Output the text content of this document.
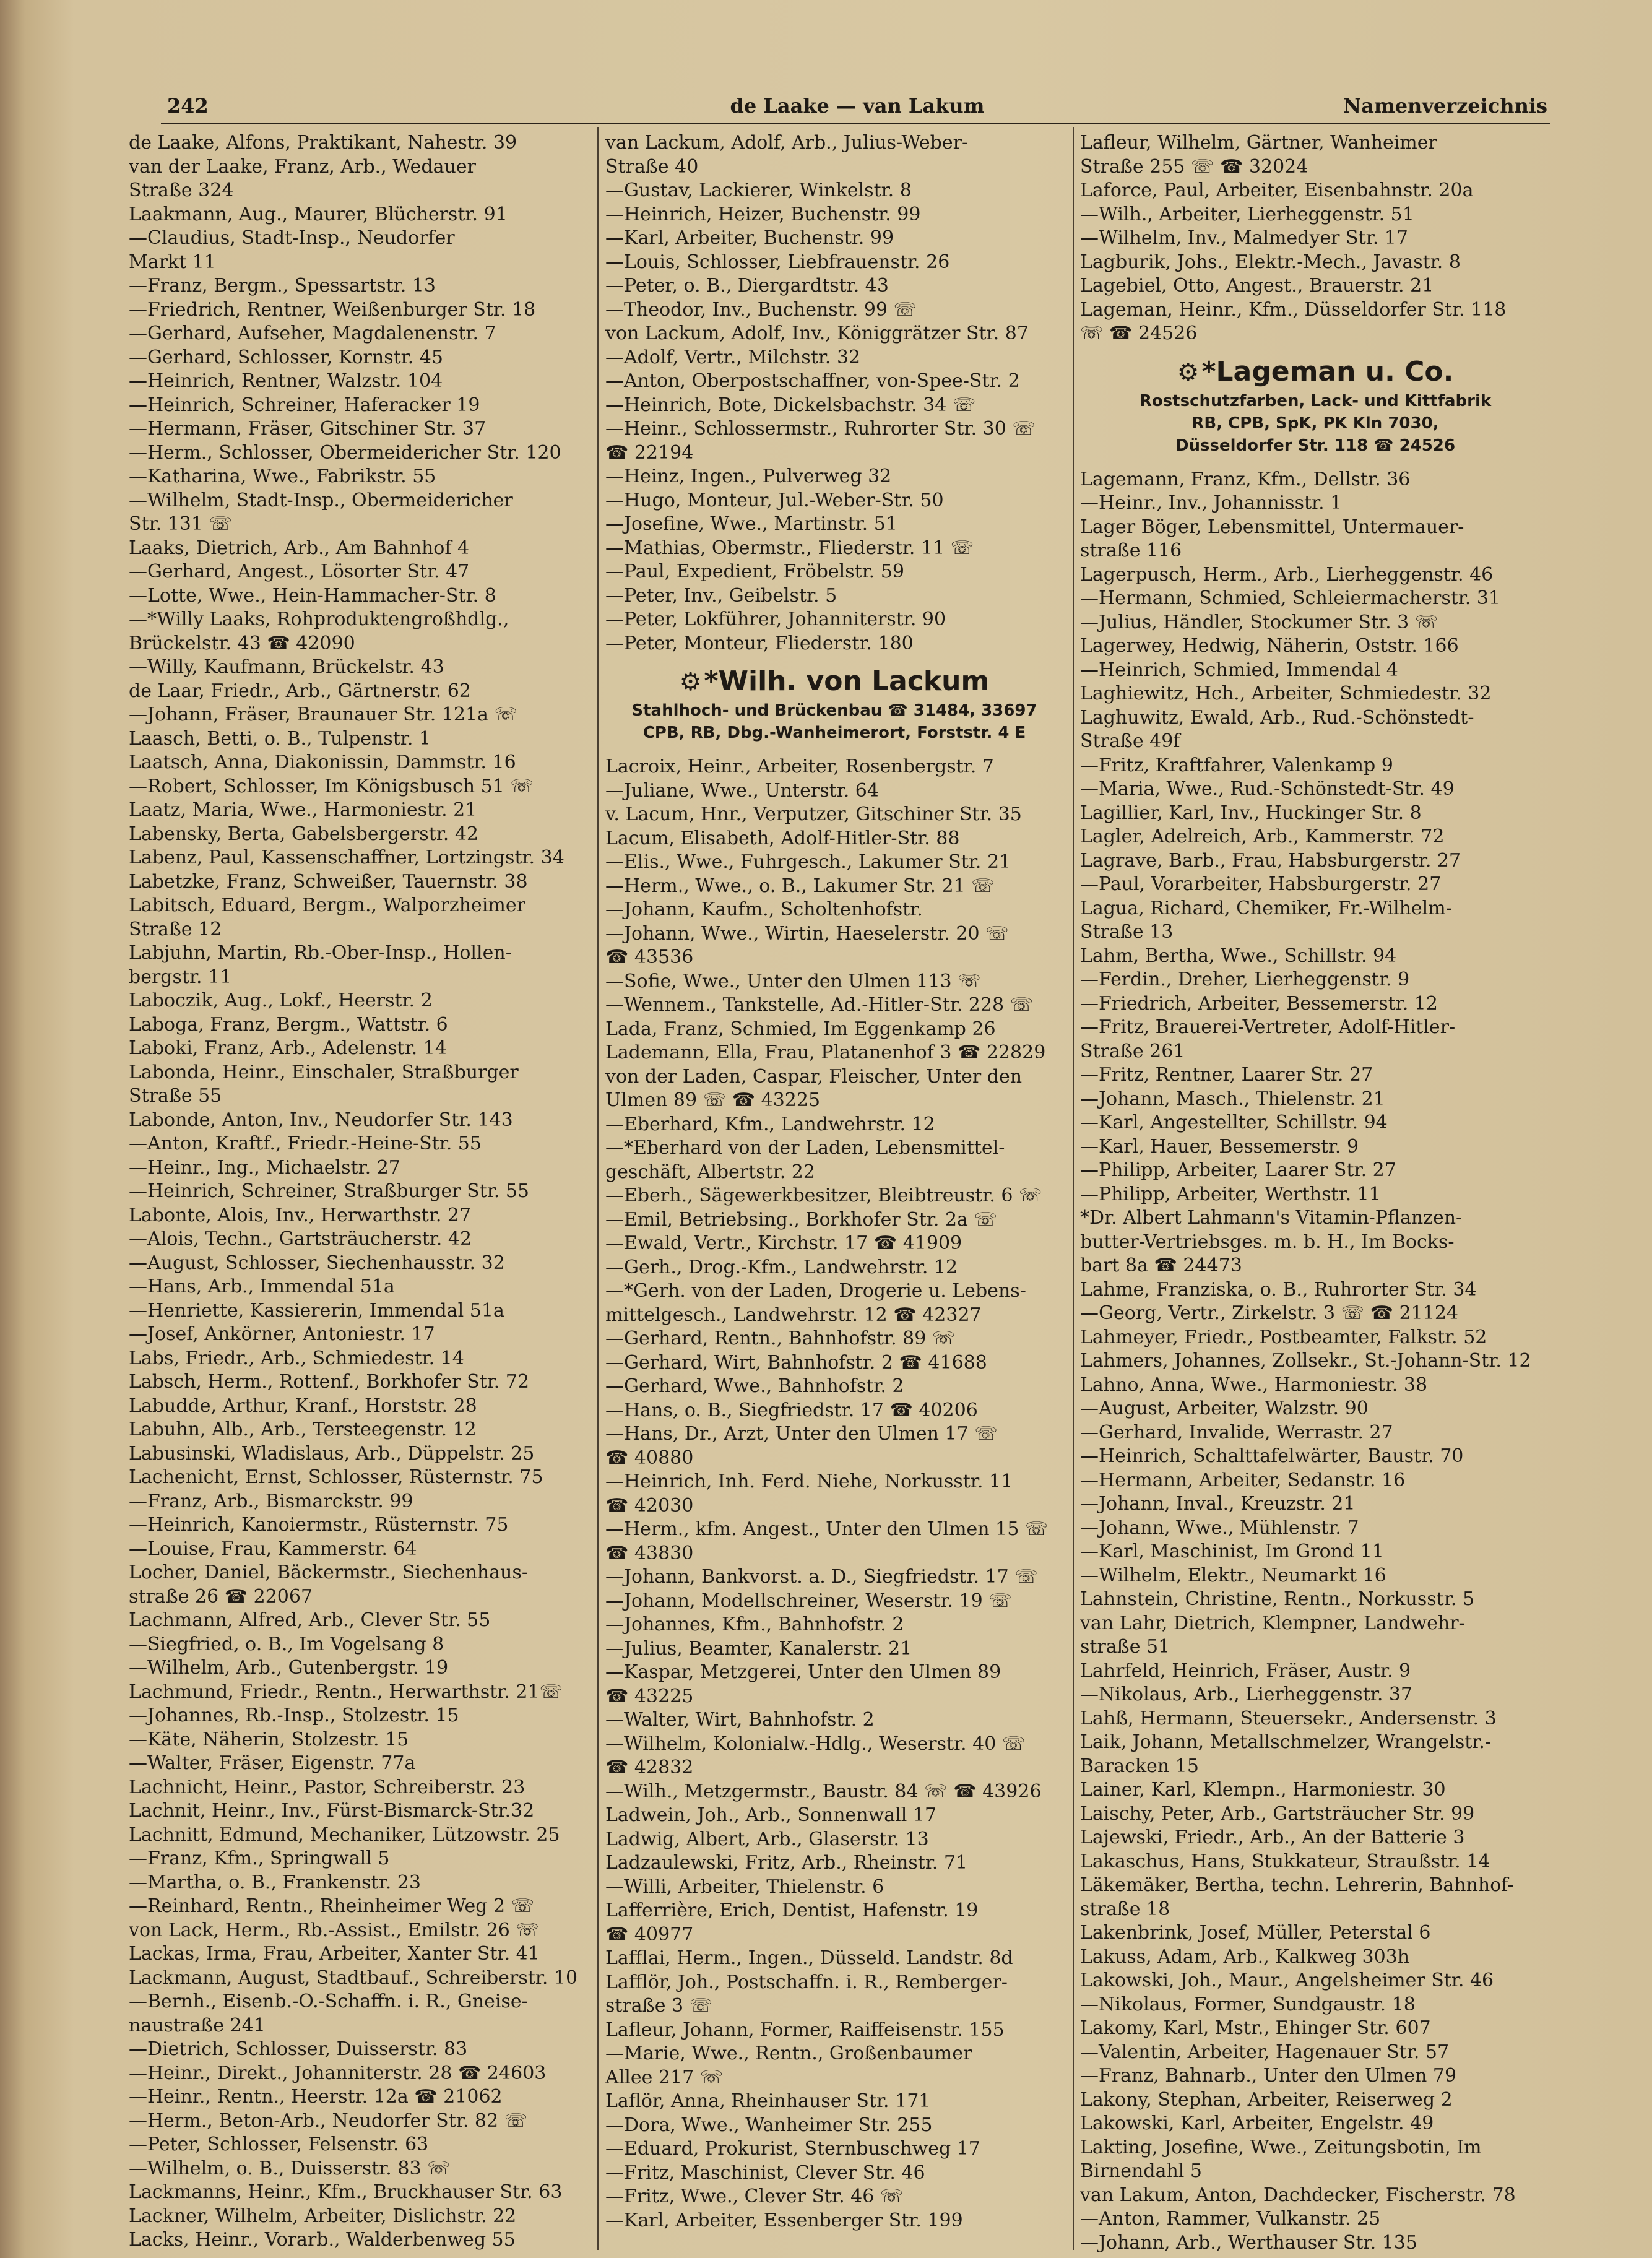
242	de Laake — van Lakum	Namenverzeichnis
de Laake, Alfons, Praktikant, Nahestr. 39
van der Laake, Franz, Arb., Wedauer
Straße 324
Laakmann, Aug., Maurer, Blücherstr. 91
—Claudius, Stadt-Insp., Neudorfer
Markt 11
—Franz, Bergm., Spessartstr. 13
—Friedrich, Rentner, Weißenburger Str. 18
—Gerhard, Aufseher, Magdalenenstr. 7
—Gerhard, Schlosser, Kornstr. 45
—Heinrich, Rentner, Walzstr. 104
—Heinrich, Schreiner, Haferacker 19
—Hermann, Fräser, Gitschiner Str. 37
—Herm., Schlosser, Obermeidericher Str. 120
—Katharina, Wwe., Fabrikstr. 55
—Wilhelm, Stadt-Insp., Obermeidericher
Str. 131 ☏
Laaks, Dietrich, Arb., Am Bahnhof 4
—Gerhard, Angest., Lösorter Str. 47
—Lotte, Wwe., Hein-Hammacher-Str. 8
—*Willy Laaks, Rohproduktengroßhdlg.,
Brückelstr. 43 ☎ 42090
—Willy, Kaufmann, Brückelstr. 43
de Laar, Friedr., Arb., Gärtnerstr. 62
—Johann, Fräser, Braunauer Str. 121a ☏
Laasch, Betti, o. B., Tulpenstr. 1
Laatsch, Anna, Diakonissin, Dammstr. 16
—Robert, Schlosser, Im Königsbusch 51 ☏
Laatz, Maria, Wwe., Harmoniestr. 21
Labensky, Berta, Gabelsbergerstr. 42
Labenz, Paul, Kassenschaffner, Lortzingstr. 34
Labetzke, Franz, Schweißer, Tauernstr. 38
Labitsch, Eduard, Bergm., Walporzheimer
Straße 12
Labjuhn, Martin, Rb.-Ober-Insp., Hollen-
bergstr. 11
Laboczik, Aug., Lokf., Heerstr. 2
Laboga, Franz, Bergm., Wattstr. 6
Laboki, Franz, Arb., Adelenstr. 14
Labonda, Heinr., Einschaler, Straßburger
Straße 55
Labonde, Anton, Inv., Neudorfer Str. 143
—Anton, Kraftf., Friedr.-Heine-Str. 55
—Heinr., Ing., Michaelstr. 27
—Heinrich, Schreiner, Straßburger Str. 55
Labonte, Alois, Inv., Herwarthstr. 27
—Alois, Techn., Gartsträucherstr. 42
—August, Schlosser, Siechenhausstr. 32
—Hans, Arb., Immendal 51a
—Henriette, Kassiererin, Immendal 51a
—Josef, Ankörner, Antoniestr. 17
Labs, Friedr., Arb., Schmiedestr. 14
Labsch, Herm., Rottenf., Borkhofer Str. 72
Labudde, Arthur, Kranf., Horststr. 28
Labuhn, Alb., Arb., Tersteegenstr. 12
Labusinski, Wladislaus, Arb., Düppelstr. 25
Lachenicht, Ernst, Schlosser, Rüsternstr. 75
—Franz, Arb., Bismarckstr. 99
—Heinrich, Kanoiermstr., Rüsternstr. 75
—Louise, Frau, Kammerstr. 64
Locher, Daniel, Bäckermstr., Siechenhaus-
straße 26 ☎ 22067
Lachmann, Alfred, Arb., Clever Str. 55
—Siegfried, o. B., Im Vogelsang 8
—Wilhelm, Arb., Gutenbergstr. 19
Lachmund, Friedr., Rentn., Herwarthstr. 21☏
—Johannes, Rb.-Insp., Stolzestr. 15
—Käte, Näherin, Stolzestr. 15
—Walter, Fräser, Eigenstr. 77a
Lachnicht, Heinr., Pastor, Schreiberstr. 23
Lachnit, Heinr., Inv., Fürst-Bismarck-Str.32
Lachnitt, Edmund, Mechaniker, Lützowstr. 25
—Franz, Kfm., Springwall 5
—Martha, o. B., Frankenstr. 23
—Reinhard, Rentn., Rheinheimer Weg 2 ☏
von Lack, Herm., Rb.-Assist., Emilstr. 26 ☏
Lackas, Irma, Frau, Arbeiter, Xanter Str. 41
Lackmann, August, Stadtbauf., Schreiberstr. 10
—Bernh., Eisenb.-O.-Schaffn. i. R., Gneise-
naustraße 241
—Dietrich, Schlosser, Duisserstr. 83
—Heinr., Direkt., Johanniterstr. 28 ☎ 24603
—Heinr., Rentn., Heerstr. 12a ☎ 21062
—Herm., Beton-Arb., Neudorfer Str. 82 ☏
—Peter, Schlosser, Felsenstr. 63
—Wilhelm, o. B., Duisserstr. 83 ☏
Lackmanns, Heinr., Kfm., Bruckhauser Str. 63
Lackner, Wilhelm, Arbeiter, Dislichstr. 22
Lacks, Heinr., Vorarb., Walderbenweg 55
van Lackum, Adolf, Arb., Julius-Weber-
Straße 40
—Gustav, Lackierer, Winkelstr. 8
—Heinrich, Heizer, Buchenstr. 99
—Karl, Arbeiter, Buchenstr. 99
—Louis, Schlosser, Liebfrauenstr. 26
—Peter, o. B., Diergardtstr. 43
—Theodor, Inv., Buchenstr. 99 ☏
von Lackum, Adolf, Inv., Königgrätzer Str. 87
—Adolf, Vertr., Milchstr. 32
—Anton, Oberpostschaffner, von-Spee-Str. 2
—Heinrich, Bote, Dickelsbachstr. 34 ☏
—Heinr., Schlossermstr., Ruhrorter Str. 30 ☏
☎ 22194
—Heinz, Ingen., Pulverweg 32
—Hugo, Monteur, Jul.-Weber-Str. 50
—Josefine, Wwe., Martinstr. 51
—Mathias, Obermstr., Fliederstr. 11 ☏
—Paul, Expedient, Fröbelstr. 59
—Peter, Inv., Geibelstr. 5
—Peter, Lokführer, Johanniterstr. 90
—Peter, Monteur, Fliederstr. 180
⚙*Wilh. von Lackum
Stahlhoch- und Brückenbau ☎ 31484, 33697
CPB, RB, Dbg.-Wanheimerort, Forststr. 4 E
Lacroix, Heinr., Arbeiter, Rosenbergstr. 7
—Juliane, Wwe., Unterstr. 64
v. Lacum, Hnr., Verputzer, Gitschiner Str. 35
Lacum, Elisabeth, Adolf-Hitler-Str. 88
—Elis., Wwe., Fuhrgesch., Lakumer Str. 21
—Herm., Wwe., o. B., Lakumer Str. 21 ☏
—Johann, Kaufm., Scholtenhofstr.
—Johann, Wwe., Wirtin, Haeselerstr. 20 ☏
☎ 43536
—Sofie, Wwe., Unter den Ulmen 113 ☏
—Wennem., Tankstelle, Ad.-Hitler-Str. 228 ☏
Lada, Franz, Schmied, Im Eggenkamp 26
Lademann, Ella, Frau, Platanenhof 3 ☎ 22829
von der Laden, Caspar, Fleischer, Unter den
Ulmen 89 ☏ ☎ 43225
—Eberhard, Kfm., Landwehrstr. 12
—*Eberhard von der Laden, Lebensmittel-
geschäft, Albertstr. 22
—Eberh., Sägewerkbesitzer, Bleibtreustr. 6 ☏
—Emil, Betriebsing., Borkhofer Str. 2a ☏
—Ewald, Vertr., Kirchstr. 17 ☎ 41909
—Gerh., Drog.-Kfm., Landwehrstr. 12
—*Gerh. von der Laden, Drogerie u. Lebens-
mittelgesch., Landwehrstr. 12 ☎ 42327
—Gerhard, Rentn., Bahnhofstr. 89 ☏
—Gerhard, Wirt, Bahnhofstr. 2 ☎ 41688
—Gerhard, Wwe., Bahnhofstr. 2
—Hans, o. B., Siegfriedstr. 17 ☎ 40206
—Hans, Dr., Arzt, Unter den Ulmen 17 ☏
☎ 40880
—Heinrich, Inh. Ferd. Niehe, Norkusstr. 11
☎ 42030
—Herm., kfm. Angest., Unter den Ulmen 15 ☏
☎ 43830
—Johann, Bankvorst. a. D., Siegfriedstr. 17 ☏
—Johann, Modellschreiner, Weserstr. 19 ☏
—Johannes, Kfm., Bahnhofstr. 2
—Julius, Beamter, Kanalerstr. 21
—Kaspar, Metzgerei, Unter den Ulmen 89
☎ 43225
—Walter, Wirt, Bahnhofstr. 2
—Wilhelm, Kolonialw.-Hdlg., Weserstr. 40 ☏
☎ 42832
—Wilh., Metzgermstr., Baustr. 84 ☏ ☎ 43926
Ladwein, Joh., Arb., Sonnenwall 17
Ladwig, Albert, Arb., Glaserstr. 13
Ladzaulewski, Fritz, Arb., Rheinstr. 71
—Willi, Arbeiter, Thielenstr. 6
Lafferrière, Erich, Dentist, Hafenstr. 19
☎ 40977
Lafflai, Herm., Ingen., Düsseld. Landstr. 8d
Lafflör, Joh., Postschaffn. i. R., Remberger-
straße 3 ☏
Lafleur, Johann, Former, Raiffeisenstr. 155
—Marie, Wwe., Rentn., Großenbaumer
Allee 217 ☏
Laflör, Anna, Rheinhauser Str. 171
—Dora, Wwe., Wanheimer Str. 255
—Eduard, Prokurist, Sternbuschweg 17
—Fritz, Maschinist, Clever Str. 46
—Fritz, Wwe., Clever Str. 46 ☏
—Karl, Arbeiter, Essenberger Str. 199
Lafleur, Wilhelm, Gärtner, Wanheimer
Straße 255 ☏ ☎ 32024
Laforce, Paul, Arbeiter, Eisenbahnstr. 20a
—Wilh., Arbeiter, Lierheggenstr. 51
—Wilhelm, Inv., Malmedyer Str. 17
Lagburik, Johs., Elektr.-Mech., Javastr. 8
Lagebiel, Otto, Angest., Brauerstr. 21
Lageman, Heinr., Kfm., Düsseldorfer Str. 118
☏ ☎ 24526
⚙*Lageman u. Co.
Rostschutzfarben, Lack- und Kittfabrik
RB, CPB, SpK, PK Kln 7030,
Düsseldorfer Str. 118 ☎ 24526
Lagemann, Franz, Kfm., Dellstr. 36
—Heinr., Inv., Johannisstr. 1
Lager Böger, Lebensmittel, Untermauer-
straße 116
Lagerpusch, Herm., Arb., Lierheggenstr. 46
—Hermann, Schmied, Schleiermacherstr. 31
—Julius, Händler, Stockumer Str. 3 ☏
Lagerwey, Hedwig, Näherin, Oststr. 166
—Heinrich, Schmied, Immendal 4
Laghiewitz, Hch., Arbeiter, Schmiedestr. 32
Laghuwitz, Ewald, Arb., Rud.-Schönstedt-
Straße 49f
—Fritz, Kraftfahrer, Valenkamp 9
—Maria, Wwe., Rud.-Schönstedt-Str. 49
Lagillier, Karl, Inv., Huckinger Str. 8
Lagler, Adelreich, Arb., Kammerstr. 72
Lagrave, Barb., Frau, Habsburgerstr. 27
—Paul, Vorarbeiter, Habsburgerstr. 27
Lagua, Richard, Chemiker, Fr.-Wilhelm-
Straße 13
Lahm, Bertha, Wwe., Schillstr. 94
—Ferdin., Dreher, Lierheggenstr. 9
—Friedrich, Arbeiter, Bessemerstr. 12
—Fritz, Brauerei-Vertreter, Adolf-Hitler-
Straße 261
—Fritz, Rentner, Laarer Str. 27
—Johann, Masch., Thielenstr. 21
—Karl, Angestellter, Schillstr. 94
—Karl, Hauer, Bessemerstr. 9
—Philipp, Arbeiter, Laarer Str. 27
—Philipp, Arbeiter, Werthstr. 11
*Dr. Albert Lahmann's Vitamin-Pflanzen-
butter-Vertriebsges. m. b. H., Im Bocks-
bart 8a ☎ 24473
Lahme, Franziska, o. B., Ruhrorter Str. 34
—Georg, Vertr., Zirkelstr. 3 ☏ ☎ 21124
Lahmeyer, Friedr., Postbeamter, Falkstr. 52
Lahmers, Johannes, Zollsekr., St.-Johann-Str. 12
Lahno, Anna, Wwe., Harmoniestr. 38
—August, Arbeiter, Walzstr. 90
—Gerhard, Invalide, Werrastr. 27
—Heinrich, Schalttafelwärter, Baustr. 70
—Hermann, Arbeiter, Sedanstr. 16
—Johann, Inval., Kreuzstr. 21
—Johann, Wwe., Mühlenstr. 7
—Karl, Maschinist, Im Grond 11
—Wilhelm, Elektr., Neumarkt 16
Lahnstein, Christine, Rentn., Norkusstr. 5
van Lahr, Dietrich, Klempner, Landwehr-
straße 51
Lahrfeld, Heinrich, Fräser, Austr. 9
—Nikolaus, Arb., Lierheggenstr. 37
Lahß, Hermann, Steuersekr., Andersenstr. 3
Laik, Johann, Metallschmelzer, Wrangelstr.-
Baracken 15
Lainer, Karl, Klempn., Harmoniestr. 30
Laischy, Peter, Arb., Gartsträucher Str. 99
Lajewski, Friedr., Arb., An der Batterie 3
Lakaschus, Hans, Stukkateur, Straußstr. 14
Läkemäker, Bertha, techn. Lehrerin, Bahnhof-
straße 18
Lakenbrink, Josef, Müller, Peterstal 6
Lakuss, Adam, Arb., Kalkweg 303h
Lakowski, Joh., Maur., Angelsheimer Str. 46
—Nikolaus, Former, Sundgaustr. 18
Lakomy, Karl, Mstr., Ehinger Str. 607
—Valentin, Arbeiter, Hagenauer Str. 57
—Franz, Bahnarb., Unter den Ulmen 79
Lakony, Stephan, Arbeiter, Reiserweg 2
Lakowski, Karl, Arbeiter, Engelstr. 49
Lakting, Josefine, Wwe., Zeitungsbotin, Im
Birnendahl 5
van Lakum, Anton, Dachdecker, Fischerstr. 78
—Anton, Rammer, Vulkanstr. 25
—Johann, Arb., Werthauser Str. 135
